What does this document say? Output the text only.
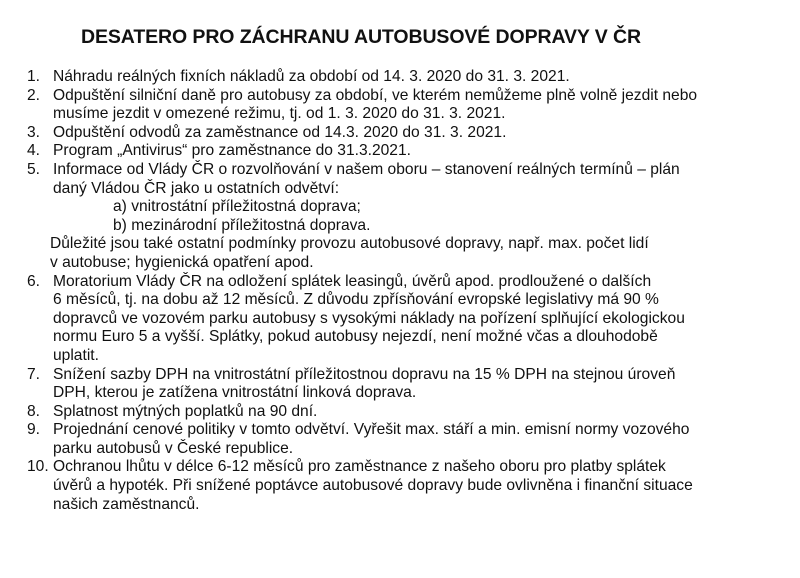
DESATERO PRO ZÁCHRANU AUTOBUSOVÉ DOPRAVY V ČR
1. Náhradu reálných fixních nákladů za období od 14. 3. 2020 do 31. 3. 2021.
2. Odpuštění silniční daně pro autobusy za období, ve kterém nemůžeme plně volně jezdit nebo
musíme jezdit v omezené režimu, tj. od 1. 3. 2020 do 31. 3. 2021.
3. Odpuštění odvodů za zaměstnance od 14.3. 2020 do 31. 3. 2021.
4. Program „Antivirus“ pro zaměstnance do 31.3.2021.
5. Informace od Vlády ČR o rozvolňování v našem oboru – stanovení reálných termínů – plán
daný Vládou ČR jako u ostatních odvětví:
a) vnitrostátní příležitostná doprava;
b) mezinárodní příležitostná doprava.
Důležité jsou také ostatní podmínky provozu autobusové dopravy, např. max. počet lidí
v autobuse; hygienická opatření apod.
6. Moratorium Vlády ČR na odložení splátek leasingů, úvěrů apod. prodloužené o dalších
6 měsíců, tj. na dobu až 12 měsíců. Z důvodu zpřísňování evropské legislativy má 90 %
dopravců ve vozovém parku autobusy s vysokými náklady na pořízení splňující ekologickou
normu Euro 5 a vyšší. Splátky, pokud autobusy nejezdí, není možné včas a dlouhodobě
uplatit.
7. Snížení sazby DPH na vnitrostátní příležitostnou dopravu na 15 % DPH na stejnou úroveň
DPH, kterou je zatížena vnitrostátní linková doprava.
8. Splatnost mýtných poplatků na 90 dní.
9. Projednání cenové politiky v tomto odvětví. Vyřešit max. stáří a min. emisní normy vozového
parku autobusů v České republice.
10. Ochranou lhůtu v délce 6-12 měsíců pro zaměstnance z našeho oboru pro platby splátek
úvěrů a hypoték. Při snížené poptávce autobusové dopravy bude ovlivněna i finanční situace
našich zaměstnanců.
